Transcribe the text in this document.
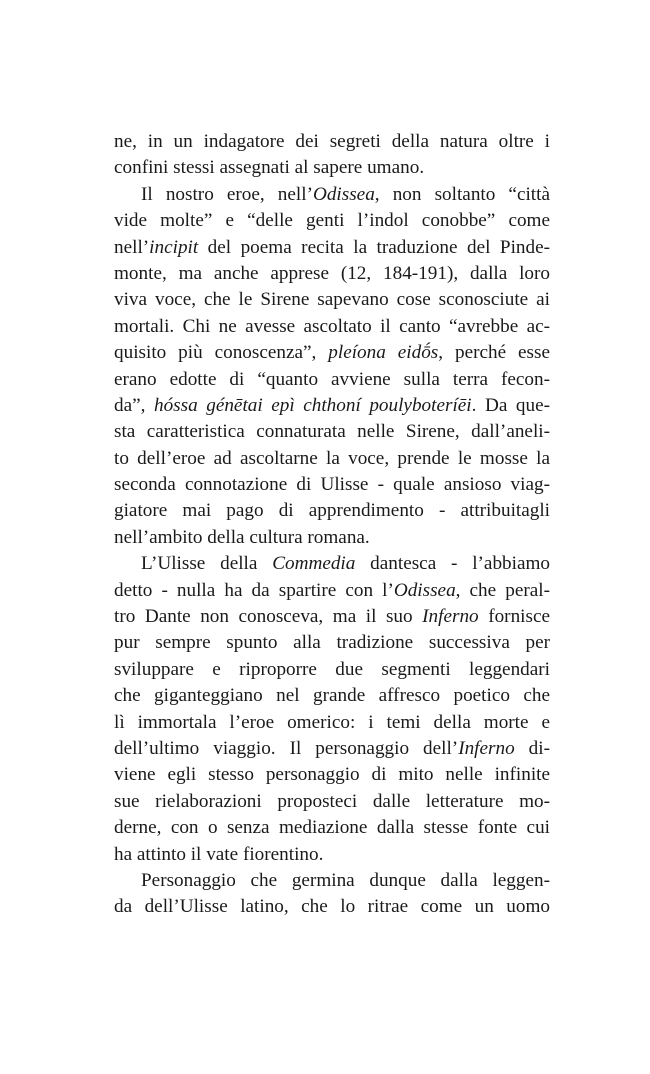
ne, in un indagatore dei segreti della natura oltre i
confini stessi assegnati al sapere umano.
Il nostro eroe, nell’Odissea, non soltanto “città
vide molte” e “delle genti l’indol conobbe” come
nell’incipit del poema recita la traduzione del Pinde-
monte, ma anche apprese (12, 184-191), dalla loro
viva voce, che le Sirene sapevano cose sconosciute ai
mortali. Chi ne avesse ascoltato il canto “avrebbe ac-
quisito più conoscenza”, pleíona eidṓs, perché esse
erano edotte di “quanto avviene sulla terra fecon-
da”, hóssa génētai epì chthoní poulyboteríēi. Da que-
sta caratteristica connaturata nelle Sirene, dall’aneli-
to dell’eroe ad ascoltarne la voce, prende le mosse la
seconda connotazione di Ulisse - quale ansioso viag-
giatore mai pago di apprendimento - attribuitagli
nell’ambito della cultura romana.
L’Ulisse della Commedia dantesca - l’abbiamo
detto - nulla ha da spartire con l’Odissea, che peral-
tro Dante non conosceva, ma il suo Inferno fornisce
pur sempre spunto alla tradizione successiva per
sviluppare e riproporre due segmenti leggendari
che giganteggiano nel grande affresco poetico che
lì immortala l’eroe omerico: i temi della morte e
dell’ultimo viaggio. Il personaggio dell’Inferno di-
viene egli stesso personaggio di mito nelle infinite
sue rielaborazioni proposteci dalle letterature mo-
derne, con o senza mediazione dalla stesse fonte cui
ha attinto il vate fiorentino.
Personaggio che germina dunque dalla leggen-
da dell’Ulisse latino, che lo ritrae come un uomo
